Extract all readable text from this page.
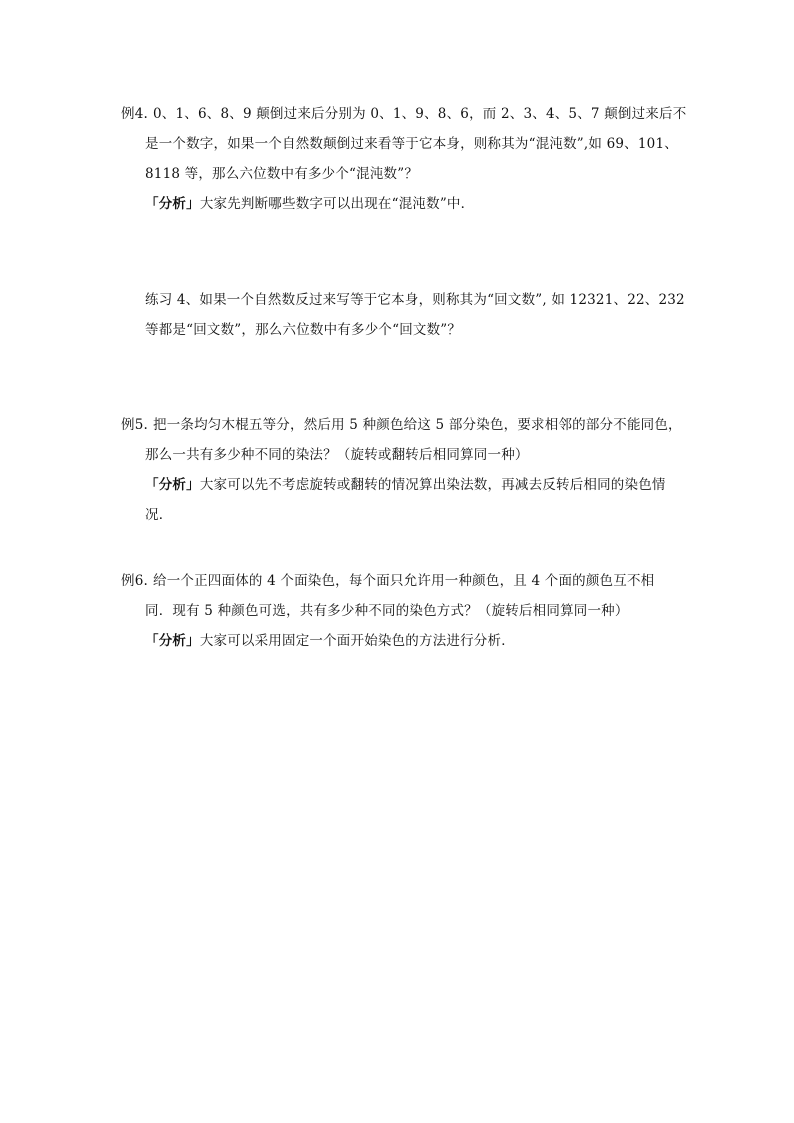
例4. 0、1、6、8、9 颠倒过来后分别为 0、1、9、8、6，而 2、3、4、5、7 颠倒过来后不
是一个数字，如果一个自然数颠倒过来看等于它本身，则称其为“混沌数”,如 69、101、
8118 等，那么六位数中有多少个“混沌数”？
「分析」大家先判断哪些数字可以出现在“混沌数”中．
练习 4、如果一个自然数反过来写等于它本身，则称其为“回文数”, 如 12321、22、232
等都是“回文数”，那么六位数中有多少个“回文数”？
例5. 把一条均匀木棍五等分，然后用 5 种颜色给这 5 部分染色，要求相邻的部分不能同色，
那么一共有多少种不同的染法？（旋转或翻转后相同算同一种）
「分析」大家可以先不考虑旋转或翻转的情况算出染法数，再减去反转后相同的染色情
况．
例6. 给一个正四面体的 4 个面染色，每个面只允许用一种颜色，且 4 个面的颜色互不相
同．现有 5 种颜色可选，共有多少种不同的染色方式？（旋转后相同算同一种）
「分析」大家可以采用固定一个面开始染色的方法进行分析．
